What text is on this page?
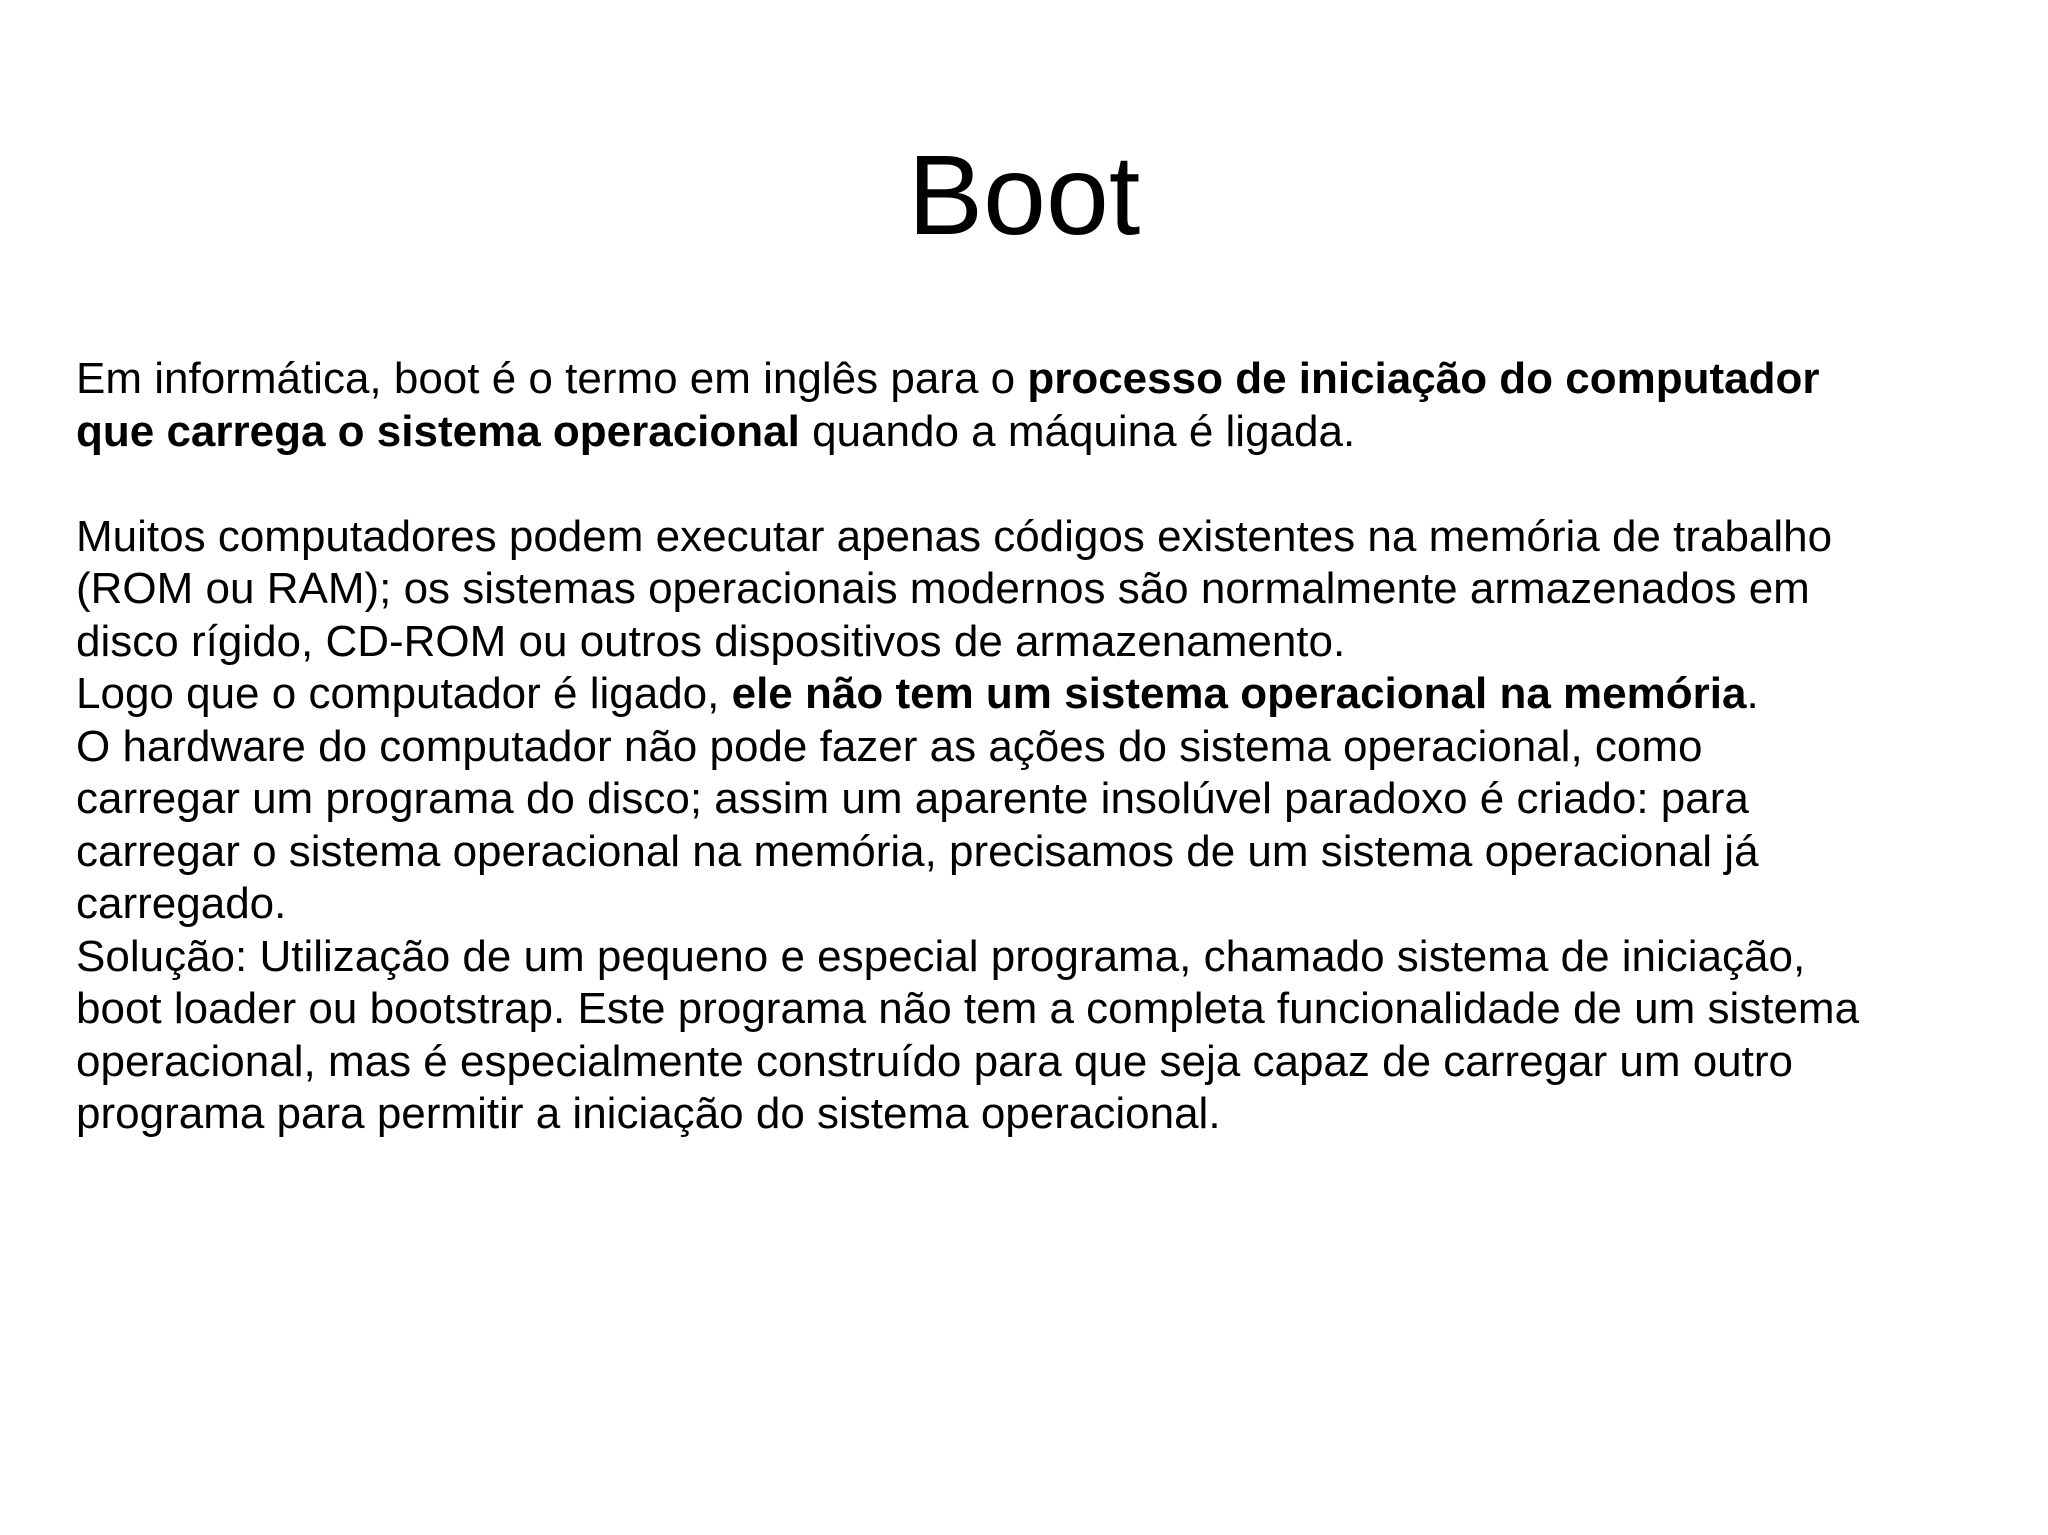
Boot

Em informática, boot é o termo em inglês para o processo de iniciação do computador
que carrega o sistema operacional quando a máquina é ligada.

Muitos computadores podem executar apenas códigos existentes na memória de trabalho
(ROM ou RAM); os sistemas operacionais modernos são normalmente armazenados em
disco rígido, CD-ROM ou outros dispositivos de armazenamento.

Logo que o computador é ligado, ele não tem um sistema operacional na memória.

O hardware do computador não pode fazer as ações do sistema operacional, como
carregar um programa do disco; assim um aparente insolúvel paradoxo é criado: para
carregar o sistema operacional na memória, precisamos de um sistema operacional já
carregado.

Solução: Utilização de um pequeno e especial programa, chamado sistema de iniciação,
boot loader ou bootstrap. Este programa não tem a completa funcionalidade de um sistema
operacional, mas é especialmente construído para que seja capaz de carregar um outro
programa para permitir a iniciação do sistema operacional.
